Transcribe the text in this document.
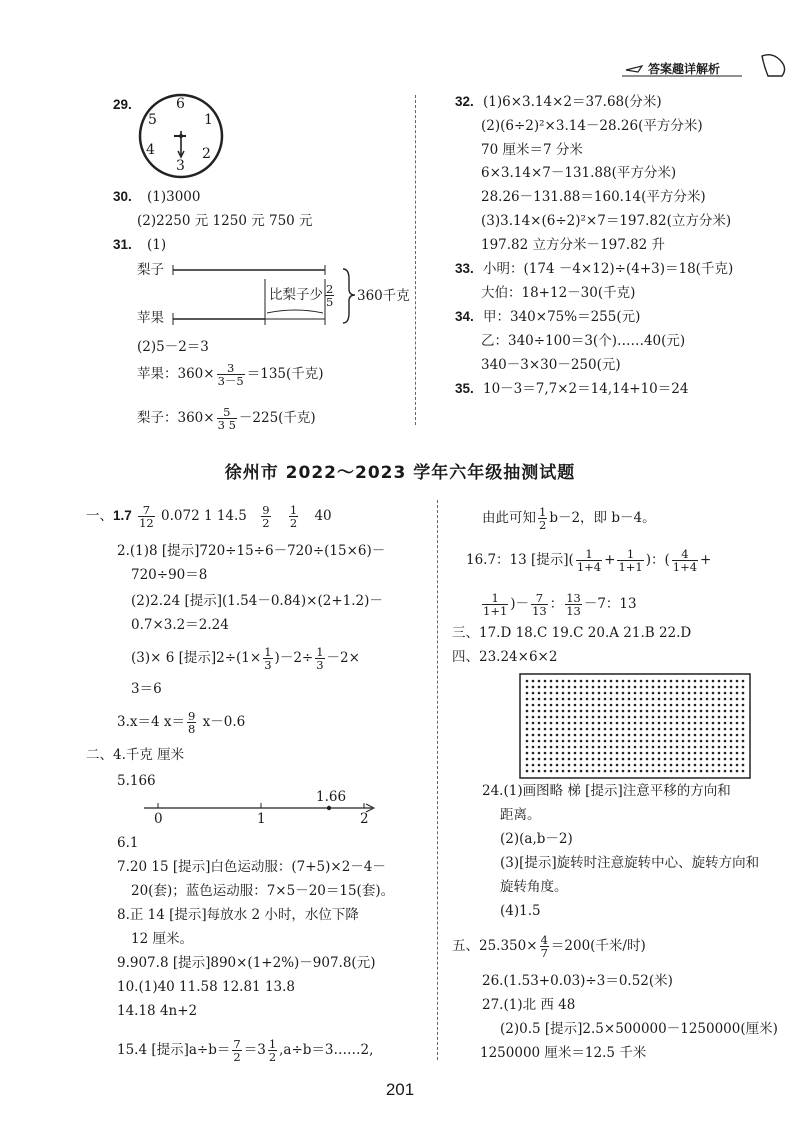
答案趣详解析
29.	6
1
2
3
4
5
30. (1)3000
(2)2250 元 1250 元 750 元
31. (1)
梨子
苹果
比梨子少 $\frac{2}{5} 360$千克
(2)5－2＝3
苹果：$360\times \frac{3}{3-5} =135$(千克)
梨子：$360\times \frac{5}{3 5} -225$(千克)
32. (1)6×3.14×2＝37.68(分米)
(2)(6÷2)²×3.14－28.26(平方分米)
70 厘米＝7 分米
6×3.14×7－131.88(平方分米)
28.26－131.88＝160.14(平方分米)
(3)3.14×(6÷2)²×7＝197.82(立方分米)
197.82 立方分米－197.82 升
33. 小明：(174 －4×12)÷(4+3)＝18(千克)
大伯：18+12－30(千克)
34. 甲：340×75%＝255(元)
乙：340÷100＝3(个)……40(元)
340－3×30－250(元)
35. 10－3＝7,7×2＝14,14+10＝24
徐州市 2022～2023 学年六年级抽测试题
一、$1.7 \frac{7}{12} 0.072$ 1 $14.5 \frac{9}{2}$
$\frac{1}{2} 40$
2.(1)8 [提示]720÷15÷6－720÷(15×6)－
720÷90＝8
(2)2.24 [提示](1.54－0.84)×(2+1.2)－
0.7×3.2＝2.24
(3)× 6 [提示]$2\div(1\times \frac{1}{3} )-2\div \frac{1}{3} -2\times$
3＝6
3.x＝4 $x= \frac{9}{8} x-0.6$
二、4.千克 厘米
5.166
0	1	2
1.66
6.1
7.20 15 [提示]白色运动服：(7+5)×2－4－
20(套)；蓝色运动服：7×5－20＝15(套)。
8.正 14 [提示]每放水 2 小时，水位下降
12 厘米。
9.907.8 [提示]890×(1+2%)－907.8(元)
10.(1)40 11.58 12.81 13.8
14.18 4n+2
15.4 [提示]$a\div b= \frac{7}{2} =3 \frac{1}{2}$ ,a÷b＝3……2,
由此可知 $\frac{1}{2} b-2$，即 b－4。
16.7：13 [提示]( $\frac{1}{1+4} + \frac{1}{1+1}$ )：( $\frac{4}{1+4}$ +
$\frac{1}{1+1}$ )－ $\frac{7}{13}$ ： $\frac{13}{13} -7$：13
三、17.D 18.C 19.C 20.A 21.B 22.D
四、23.24×6×2
24.(1)画图略 梯 [提示]注意平移的方向和
距离。
(2)(a,b－2)
(3)[提示]旋转时注意旋转中心、旋转方向和
旋转角度。
(4)1.5
五、$25.350\times \frac{4}{7} =200$(千米/时)
26.(1.53+0.03)÷3＝0.52(米)
27.(1)北 西 48
(2)0.5 [提示]2.5×500000－1250000(厘米)
1250000 厘米＝12.5 千米
201
